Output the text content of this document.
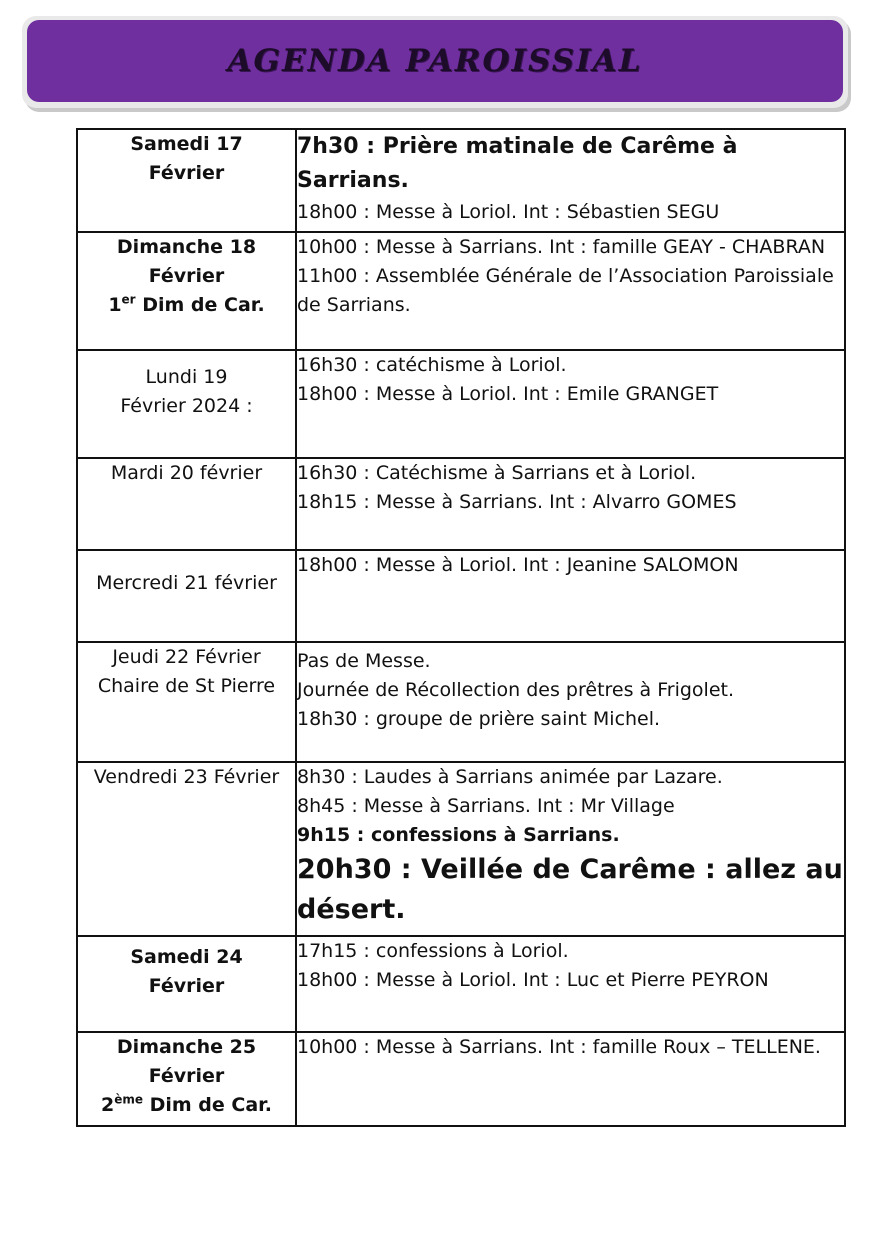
AGENDA PAROISSIAL
Samedi 17
Février	7h30 : Prière matinale de Carême à Sarrians.
18h00 : Messe à Loriol. Int : Sébastien SEGU

Dimanche 18
Février
1er Dim de Car.	10h00 : Messe à Sarrians. Int : famille GEAY - CHABRAN
11h00 : Assemblée Générale de l’Association Paroissiale de Sarrians.

Lundi 19
Février 2024 :	16h30 : catéchisme à Loriol.
18h00 : Messe à Loriol. Int : Emile GRANGET

Mardi 20 février	16h30 : Catéchisme à Sarrians et à Loriol.
18h15 : Messe à Sarrians. Int : Alvarro GOMES

Mercredi 21 février	18h00 : Messe à Loriol. Int : Jeanine SALOMON

Jeudi 22 Février
Chaire de St Pierre	Pas de Messe.
Journée de Récollection des prêtres à Frigolet.
18h30 : groupe de prière saint Michel.

Vendredi 23 Février	8h30 : Laudes à Sarrians animée par Lazare.
8h45 : Messe à Sarrians. Int : Mr Village
9h15 : confessions à Sarrians.
20h30 : Veillée de Carême : allez au désert.

Samedi 24
Février	17h15 : confessions à Loriol.
18h00 : Messe à Loriol. Int : Luc et Pierre PEYRON

Dimanche 25
Février
2ème Dim de Car.	10h00 : Messe à Sarrians. Int : famille Roux – TELLENE.
